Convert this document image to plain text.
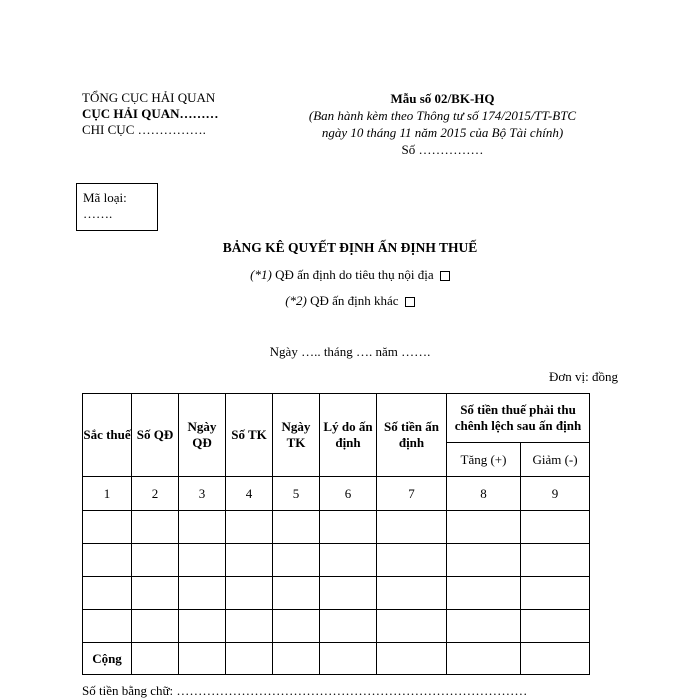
TỔNG CỤC HẢI QUAN
CỤC HẢI QUAN………
CHI CỤC …………….
Mẫu số 02/BK-HQ
(Ban hành kèm theo Thông tư số 174/2015/TT-BTC ngày 10 tháng 11 năm 2015 của Bộ Tài chính)
Số ……………
Mã loại:
…….
BẢNG KÊ QUYẾT ĐỊNH ẤN ĐỊNH THUẾ
(*1) QĐ ấn định do tiêu thụ nội địa
(*2) QĐ ấn định khác
Ngày ….. tháng …. năm …….
Đơn vị: đồng
Sắc thuế	Số QĐ	Ngày QĐ	Số TK	Ngày TK	Lý do ấn định	Số tiền ấn định	Số tiền thuế phải thu chênh lệch sau ấn định	
							Tăng (+)	Giảm (-)
1	2	3	4	5	6	7	8	9

Cộng								
Số tiền bằng chữ: ………………………………………………………………………
